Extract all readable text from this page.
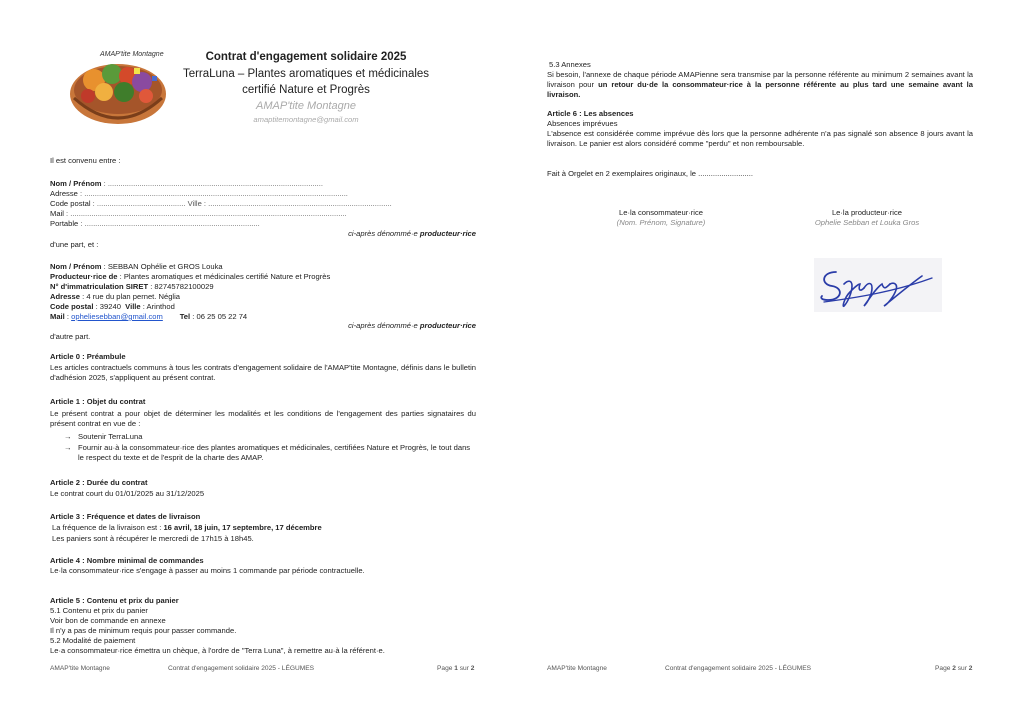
AMAP'tite Montagne	Contrat d'engagement solidaire 2025
TerraLuna – Plantes aromatiques et médicinales
certifié Nature et Progrès
AMAP'tite Montagne
amaptitemontagne@gmail.com
Il est convenu entre :
Nom / Prénom : ......................................................................................................
Adresse : .............................................................................................................................
Code postal : .......................................... Ville : .......................................................................................
Mail : ...................................................................................................................................
Portable : ...................................................................................
ci-après dénommé·e producteur·rice
d'une part, et :
Nom / Prénom : SEBBAN Ophélie et GROS Louka
Producteur·rice de : Plantes aromatiques et médicinales certifié Nature et Progrès
N° d'immatriculation SIRET : 82745782100029
Adresse : 4 rue du plan pernet. Néglia
Code postal : 39240 Ville : Arinthod
Mail : opheliesebban@gmail.com Tel : 06 25 05 22 74
ci-après dénommé·e producteur·rice
d'autre part.
Article 0 : Préambule
Les articles contractuels communs à tous les contrats d'engagement solidaire de l'AMAP'tite Montagne, définis dans le bulletin d'adhésion 2025, s'appliquent au présent contrat.
Article 1 : Objet du contrat
Le présent contrat a pour objet de déterminer les modalités et les conditions de l'engagement des parties signataires du présent contrat en vue de :
→ Soutenir TerraLuna
→ Fournir au·à la consommateur·rice des plantes aromatiques et médicinales, certifiées Nature et Progrès, le tout dans le respect du texte et de l'esprit de la charte des AMAP.
Article 2 : Durée du contrat
Le contrat court du 01/01/2025 au 31/12/2025
Article 3 : Fréquence et dates de livraison
La fréquence de la livraison est : 16 avril, 18 juin, 17 septembre, 17 décembre
Les paniers sont à récupérer le mercredi de 17h15 à 18h45.
Article 4 : Nombre minimal de commandes
Le·la consommateur·rice s'engage à passer au moins 1 commande par période contractuelle.
Article 5 : Contenu et prix du panier
5.1 Contenu et prix du panier
Voir bon de commande en annexe
Il n'y a pas de minimum requis pour passer commande.
5.2 Modalité de paiement
Le·a consommateur·rice émettra un chèque, à l'ordre de "Terra Luna", à remettre au·à la référent·e.
AMAP'tite Montagne	Contrat d'engagement solidaire 2025 - LÉGUMES	Page 1 sur 2
5.3 Annexes
Si besoin, l'annexe de chaque période AMAPienne sera transmise par la personne référente au minimum 2 semaines avant la livraison pour un retour du·de la consommateur·rice à la personne référente au plus tard une semaine avant la livraison.
Article 6 : Les absences
Absences imprévues
L'absence est considérée comme imprévue dès lors que la personne adhérente n'a pas signalé son absence 8 jours avant la livraison. Le panier est alors considéré comme "perdu" et non remboursable.
Fait à Orgelet en 2 exemplaires originaux, le ..........................
Le·la consommateur·rice
(Nom. Prénom, Signature)
Le·la producteur·rice
Ophelie Sebban et Louka Gros
AMAP'tite Montagne	Contrat d'engagement solidaire 2025 - LÉGUMES	Page 2 sur 2
